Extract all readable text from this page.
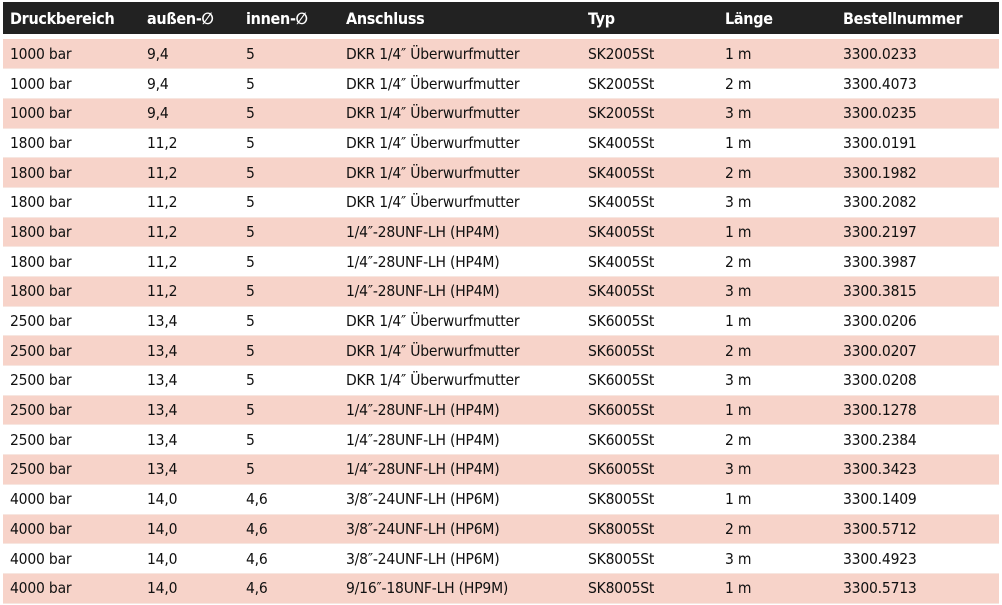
Druckbereich	außen-∅	innen-∅	Anschluss	Typ	Länge	Bestellnummer

1000 bar	9,4	5	DKR 1/4″ Überwurfmutter	SK2005St	1 m	3300.0233
1000 bar	9,4	5	DKR 1/4″ Überwurfmutter	SK2005St	2 m	3300.4073
1000 bar	9,4	5	DKR 1/4″ Überwurfmutter	SK2005St	3 m	3300.0235
1800 bar	11,2	5	DKR 1/4″ Überwurfmutter	SK4005St	1 m	3300.0191
1800 bar	11,2	5	DKR 1/4″ Überwurfmutter	SK4005St	2 m	3300.1982
1800 bar	11,2	5	DKR 1/4″ Überwurfmutter	SK4005St	3 m	3300.2082
1800 bar	11,2	5	1/4″-28UNF-LH (HP4M)	SK4005St	1 m	3300.2197
1800 bar	11,2	5	1/4″-28UNF-LH (HP4M)	SK4005St	2 m	3300.3987
1800 bar	11,2	5	1/4″-28UNF-LH (HP4M)	SK4005St	3 m	3300.3815
2500 bar	13,4	5	DKR 1/4″ Überwurfmutter	SK6005St	1 m	3300.0206
2500 bar	13,4	5	DKR 1/4″ Überwurfmutter	SK6005St	2 m	3300.0207
2500 bar	13,4	5	DKR 1/4″ Überwurfmutter	SK6005St	3 m	3300.0208
2500 bar	13,4	5	1/4″-28UNF-LH (HP4M)	SK6005St	1 m	3300.1278
2500 bar	13,4	5	1/4″-28UNF-LH (HP4M)	SK6005St	2 m	3300.2384
2500 bar	13,4	5	1/4″-28UNF-LH (HP4M)	SK6005St	3 m	3300.3423
4000 bar	14,0	4,6	3/8″-24UNF-LH (HP6M)	SK8005St	1 m	3300.1409
4000 bar	14,0	4,6	3/8″-24UNF-LH (HP6M)	SK8005St	2 m	3300.5712
4000 bar	14,0	4,6	3/8″-24UNF-LH (HP6M)	SK8005St	3 m	3300.4923
4000 bar	14,0	4,6	9/16″-18UNF-LH (HP9M)	SK8005St	1 m	3300.5713
